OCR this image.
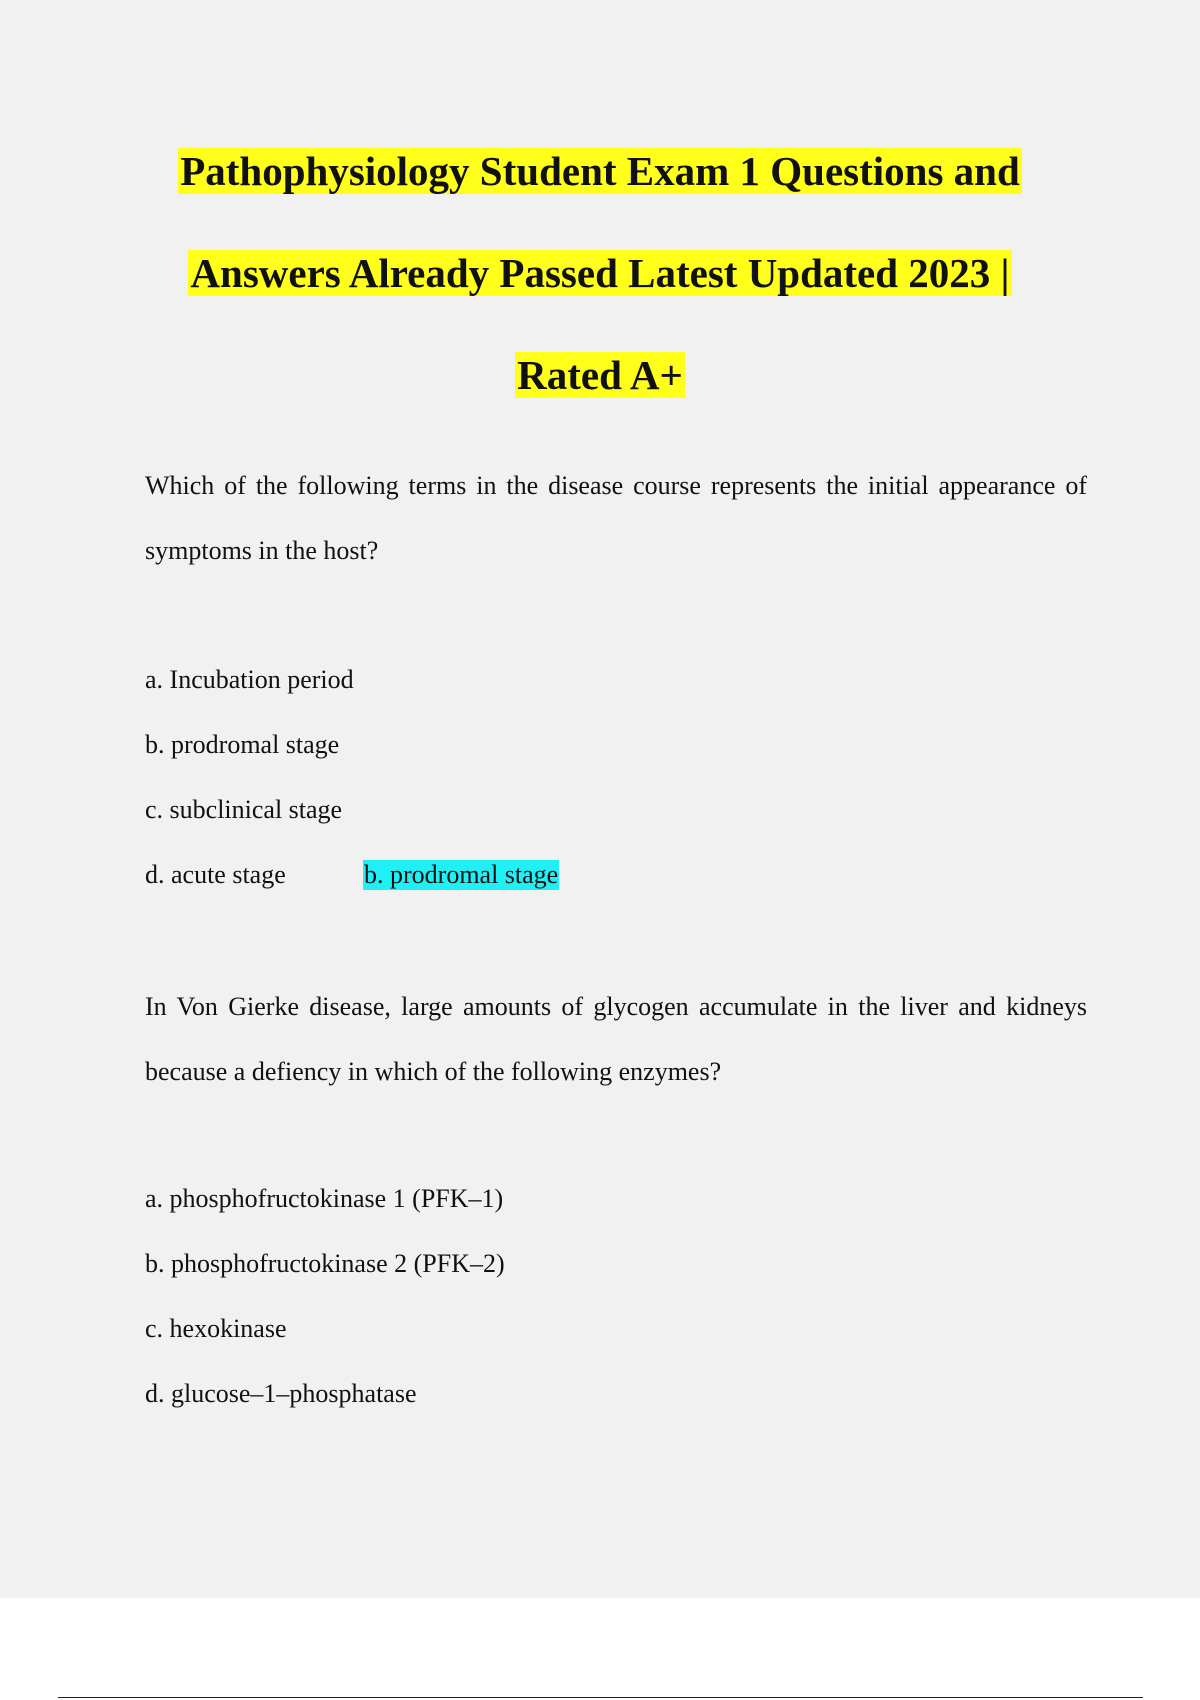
Pathophysiology Student Exam 1 Questions and
Answers Already Passed Latest Updated 2023 |
Rated A+

Which of the following terms in the disease course represents the initial appearance of symptoms in the host?

a. Incubation period
b. prodromal stage
c. subclinical stage
d. acute stage	b. prodromal stage

In Von Gierke disease, large amounts of glycogen accumulate in the liver and kidneys because a defiency in which of the following enzymes?

a. phosphofructokinase 1 (PFK–1)
b. phosphofructokinase 2 (PFK–2)
c. hexokinase
d. glucose–1–phosphatase
